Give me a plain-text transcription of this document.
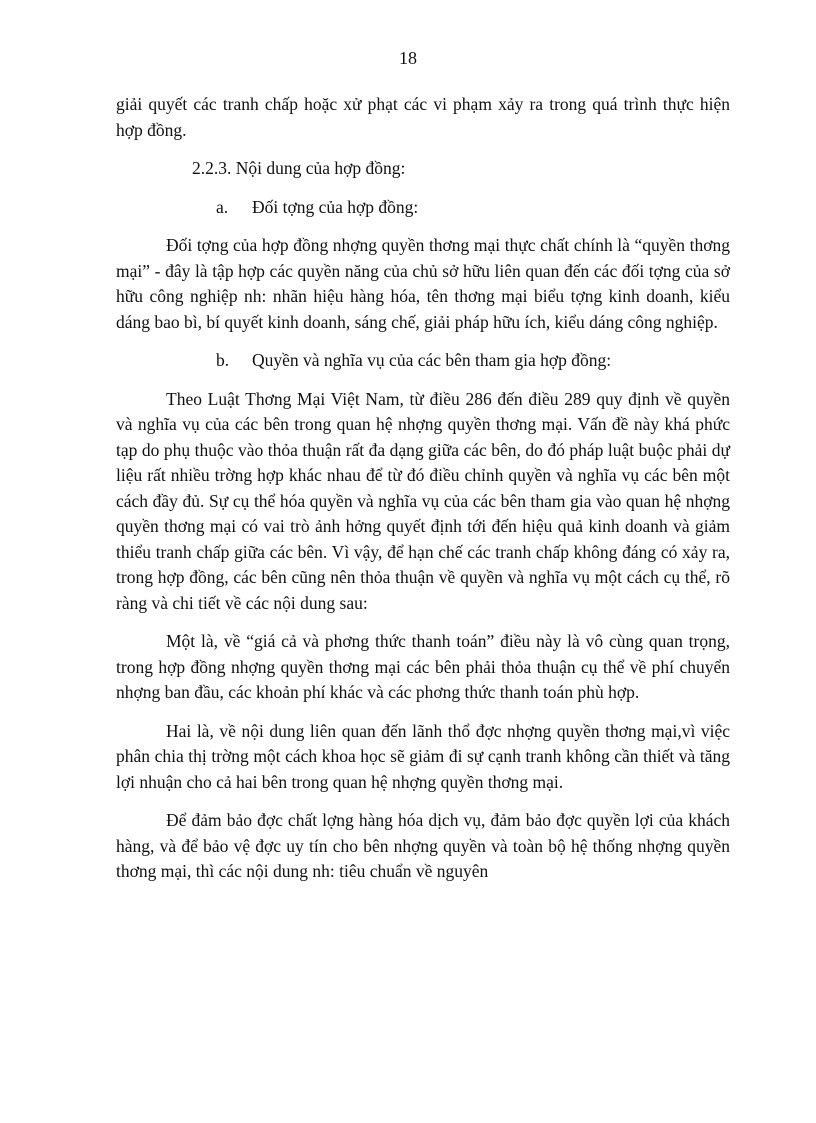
18

giải quyết các tranh chấp hoặc xử phạt các vi phạm xảy ra trong quá trình thực hiện hợp đồng.

2.2.3. Nội dung của hợp đồng:

a. Đối tợng của hợp đồng:

Đối tợng của hợp đồng nhợng quyền thơng mại thực chất chính là “quyền thơng mại” - đây là tập hợp các quyền năng của chủ sở hữu liên quan đến các đối tợng của sở hữu công nghiệp nh: nhãn hiệu hàng hóa, tên thơng mại biểu tợng kinh doanh, kiểu dáng bao bì, bí quyết kinh doanh, sáng chế, giải pháp hữu ích, kiểu dáng công nghiệp.

b. Quyền và nghĩa vụ của các bên tham gia hợp đồng:

Theo Luật Thơng Mại Việt Nam, từ điều 286 đến điều 289 quy định về quyền và nghĩa vụ của các bên trong quan hệ nhợng quyền thơng mại. Vấn đề này khá phức tạp do phụ thuộc vào thỏa thuận rất đa dạng giữa các bên, do đó pháp luật buộc phải dự liệu rất nhiều trờng hợp khác nhau để từ đó điều chỉnh quyền và nghĩa vụ các bên một cách đầy đủ. Sự cụ thể hóa quyền và nghĩa vụ của các bên tham gia vào quan hệ nhợng quyền thơng mại có vai trò ảnh hởng quyết định tới đến hiệu quả kinh doanh và giảm thiểu tranh chấp giữa các bên. Vì vậy, để hạn chế các tranh chấp không đáng có xảy ra, trong hợp đồng, các bên cũng nên thỏa thuận về quyền và nghĩa vụ một cách cụ thể, rõ ràng và chi tiết về các nội dung sau:

Một là, về “giá cả và phơng thức thanh toán” điều này là vô cùng quan trọng, trong hợp đồng nhợng quyền thơng mại các bên phải thỏa thuận cụ thể về phí chuyển nhợng ban đầu, các khoản phí khác và các phơng thức thanh toán phù hợp.

Hai là, về nội dung liên quan đến lãnh thổ đợc nhợng quyền thơng mại,vì việc phân chia thị trờng một cách khoa học sẽ giảm đi sự cạnh tranh không cần thiết và tăng lợi nhuận cho cả hai bên trong quan hệ nhợng quyền thơng mại.

Để đảm bảo đợc chất lợng hàng hóa dịch vụ, đảm bảo đợc quyền lợi của khách hàng, và để bảo vệ đợc uy tín cho bên nhợng quyền và toàn bộ hệ thống nhợng quyền thơng mại, thì các nội dung nh: tiêu chuẩn về nguyên
